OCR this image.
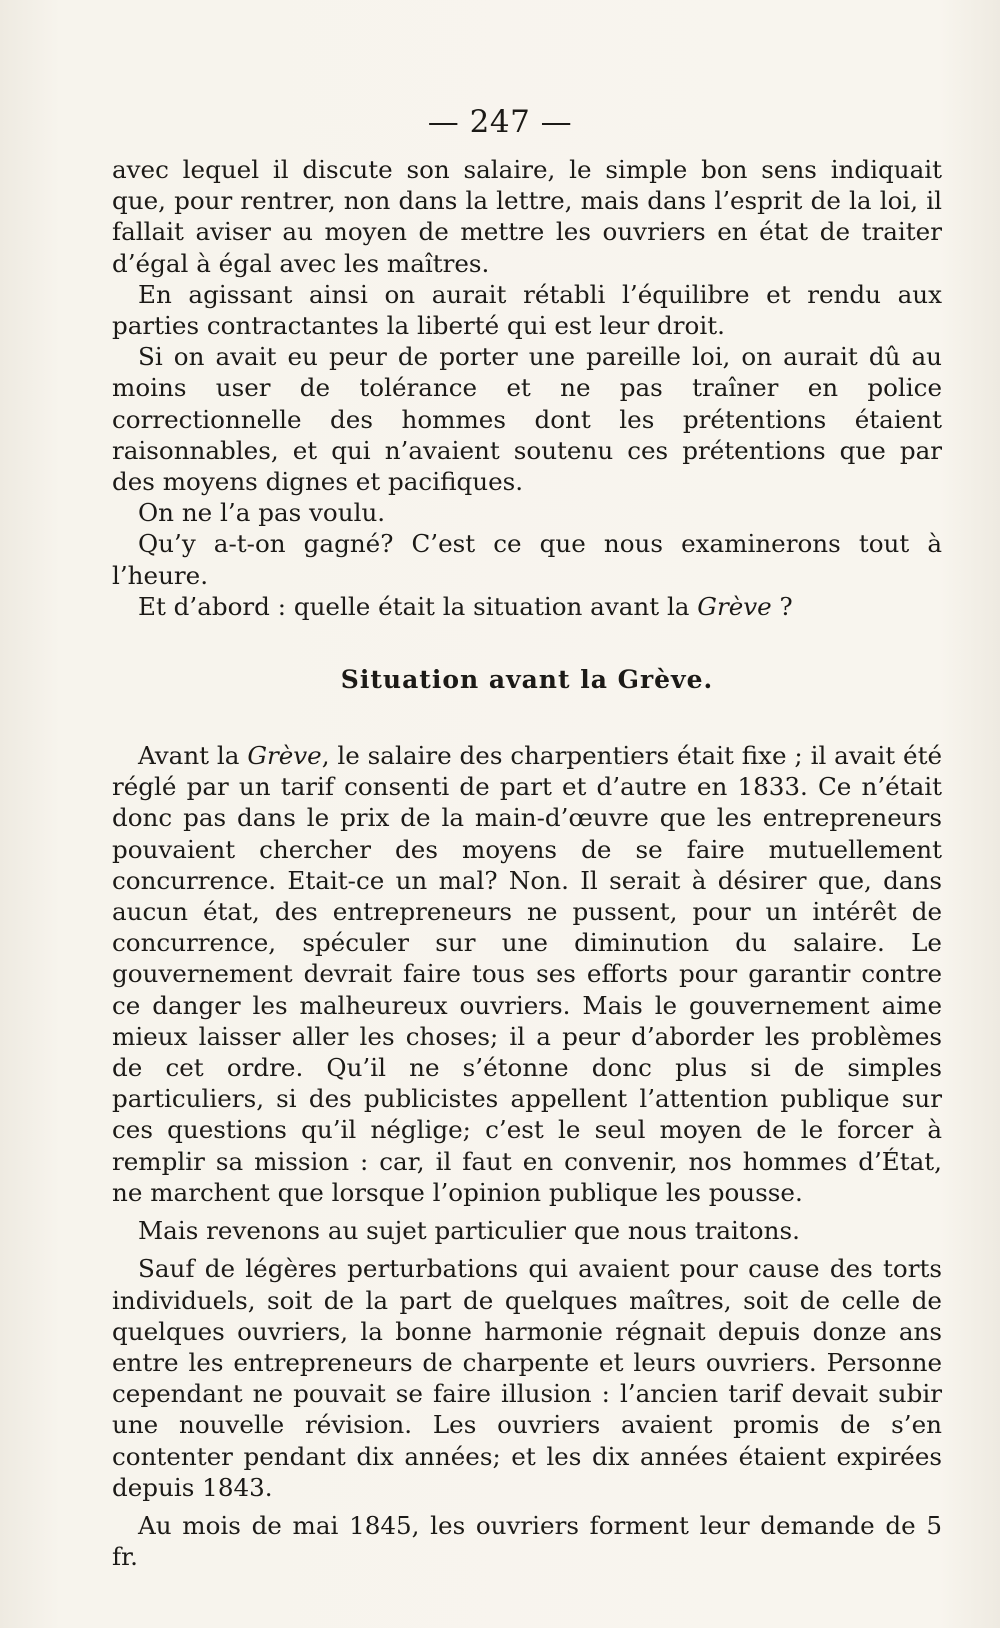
— 247 —

avec lequel il discute son salaire, le simple bon sens indiquait que, pour rentrer, non dans la lettre, mais dans l’esprit de la loi, il fallait aviser au moyen de mettre les ouvriers en état de traiter d’égal à égal avec les maîtres.

En agissant ainsi on aurait rétabli l’équilibre et rendu aux parties contractantes la liberté qui est leur droit.

Si on avait eu peur de porter une pareille loi, on aurait dû au moins user de tolérance et ne pas traîner en police correctionnelle des hommes dont les prétentions étaient raisonnables, et qui n’avaient soutenu ces prétentions que par des moyens dignes et pacifiques.

On ne l’a pas voulu.

Qu’y a-t-on gagné? C’est ce que nous examinerons tout à l’heure.

Et d’abord : quelle était la situation avant la Grève ?

Situation avant la Grève.

Avant la Grève, le salaire des charpentiers était fixe ; il avait été réglé par un tarif consenti de part et d’autre en 1833. Ce n’était donc pas dans le prix de la main-d’œuvre que les entrepreneurs pouvaient chercher des moyens de se faire mutuellement concurrence. Etait-ce un mal? Non. Il serait à désirer que, dans aucun état, des entrepreneurs ne pussent, pour un intérêt de concurrence, spéculer sur une diminution du salaire. Le gouvernement devrait faire tous ses efforts pour garantir contre ce danger les malheureux ouvriers. Mais le gouvernement aime mieux laisser aller les choses; il a peur d’aborder les problèmes de cet ordre. Qu’il ne s’étonne donc plus si de simples particuliers, si des publicistes appellent l’attention publique sur ces questions qu’il néglige; c’est le seul moyen de le forcer à remplir sa mission : car, il faut en convenir, nos hommes d’État, ne marchent que lorsque l’opinion publique les pousse.

Mais revenons au sujet particulier que nous traitons.

Sauf de légères perturbations qui avaient pour cause des torts individuels, soit de la part de quelques maîtres, soit de celle de quelques ouvriers, la bonne harmonie régnait depuis donze ans entre les entrepreneurs de charpente et leurs ouvriers. Personne cependant ne pouvait se faire illusion : l’ancien tarif devait subir une nouvelle révision. Les ouvriers avaient promis de s’en contenter pendant dix années; et les dix années étaient expirées depuis 1843.

Au mois de mai 1845, les ouvriers forment leur demande de 5 fr.
